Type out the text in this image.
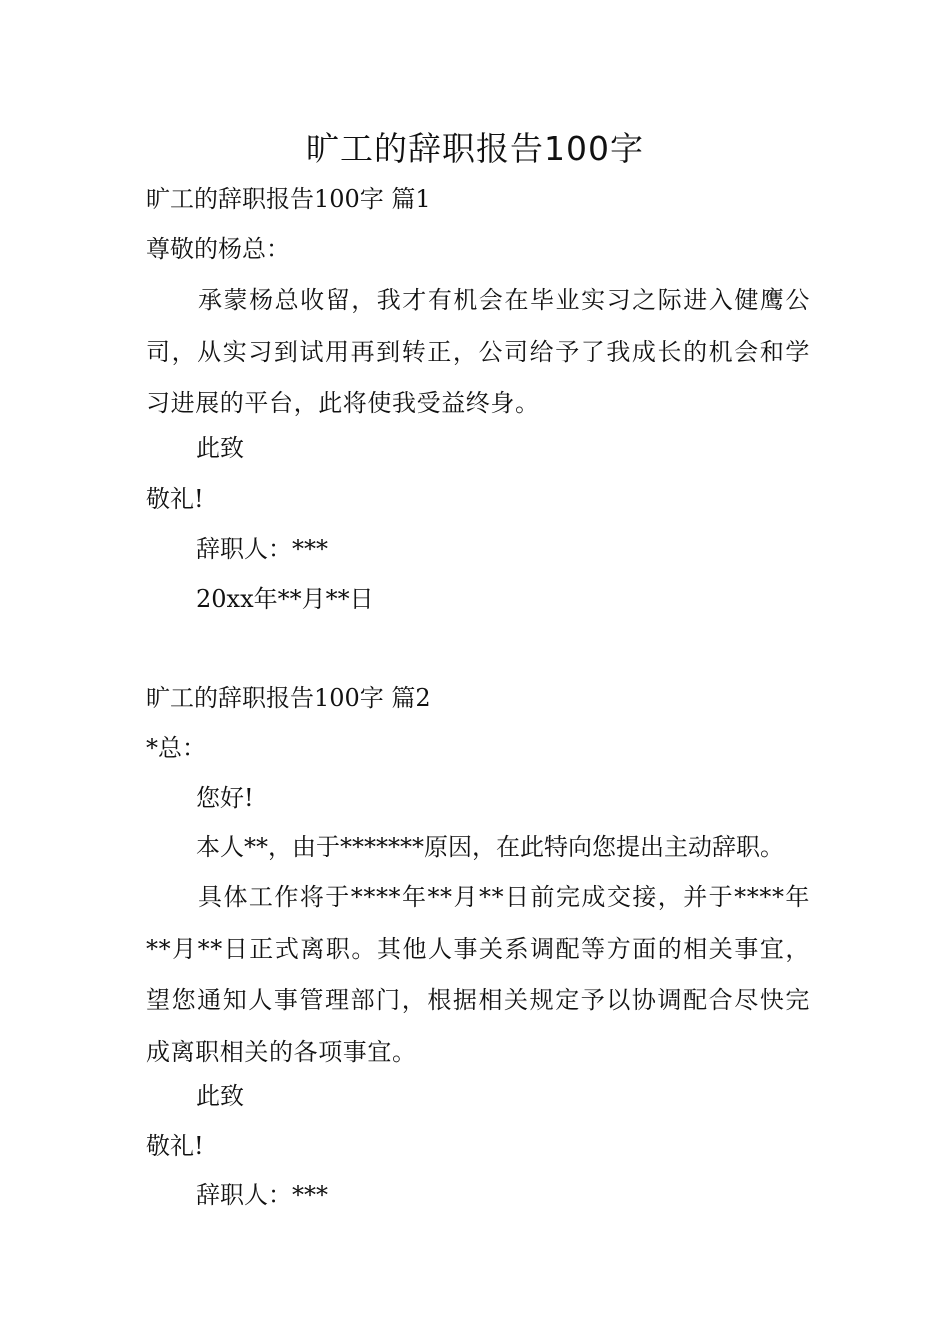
旷工的辞职报告100字
旷工的辞职报告100字 篇1
尊敬的杨总：
承蒙杨总收留，我才有机会在毕业实习之际进入健鹰公司，从实习到试用再到转正，公司给予了我成长的机会和学习进展的平台，此将使我受益终身。
此致
敬礼!
辞职人：***
20xx年**月**日
旷工的辞职报告100字 篇2
*总：
您好!
本人**，由于*******原因，在此特向您提出主动辞职。
具体工作将于****年**月**日前完成交接，并于****年**月**日正式离职。其他人事关系调配等方面的相关事宜，望您通知人事管理部门，根据相关规定予以协调配合尽快完成离职相关的各项事宜。
此致
敬礼!
辞职人：***
